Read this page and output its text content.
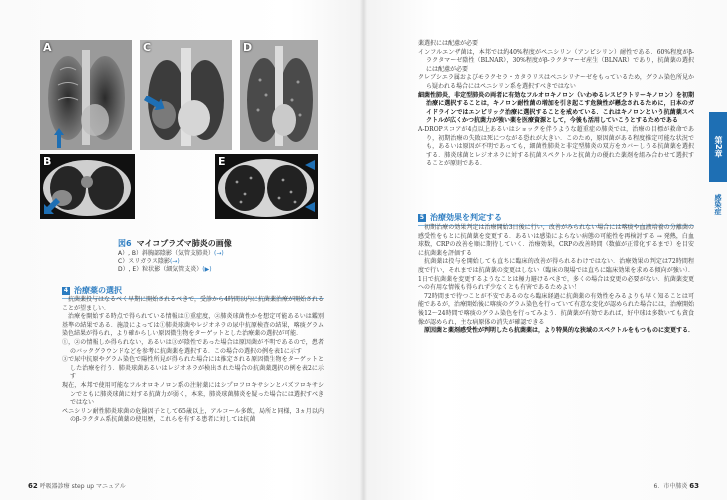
A	C	D
B	E
図6 マイコプラズマ肺炎の画像
A）, B）斜胸部陰影（気管支肺炎）(→)
C）スリガラス陰影(→)
D）, E）粒状影（細気管支炎）(▶)
4 治療薬の選択

抗菌薬投与はなるべく早期に開始されるべきで，受診から4時間以内に抗菌薬治療が開始されることが望ましい．

治療を開始する時点で得られている情報は①重症度，②肺炎球菌性かを想定可能あるいは鑑別基準の結果である．施設によっては①肺炎球菌やレジオネラの尿中抗原検査の結果，喀痰グラム染色結果が得られ，より確からしい原因微生物をターゲットとした治療薬の選択が可能．

①，②の情報しか得られない，あるいは③が陰性であった場合は原因菌が不明であるので，患者のバックグラウンドなどを参考に抗菌薬を選択する．この場合の選択の例を表1に示す

③で尿中抗原やグラム染色で陽性所見が得られた場合には推定される原因微生物をターゲットとした治療を行う．肺炎球菌あるいはレジオネラが検出された場合の抗菌薬選択の例を表2に示す

現在，本邦で使用可能なフルオロキノロン系の注射薬にはシプロフロキサシンとパズフロキサシンでともに肺炎球菌に対する抗菌力が弱く，本来，肺炎球菌肺炎を疑った場合には選択すべきではない

ペニシリン耐性肺炎球菌の危険因子として65歳以上，アルコール多飲，局所と同様，3ヵ月以内のβ-ラクタム系抗菌薬の使用歴，これらを有する患者に対しては抗菌

62 呼吸器診療 step up マニュアル

薬選択には配慮が必要

インフルエンザ菌は，本邦では約40%程度がペニシリン（アンピシリン）耐性である．60%程度がβ-ラクタマーゼ陰性（BLNAR），30%程度がβ-ラクタマーゼ産生（BLNAR）であり，抗菌薬の選択には配慮が必要

クレブシエラ属およびモラクセラ・カタラリスはペニシリナーゼをもっているため，グラム染色所見から疑われる場合にはペニシリン系を選択すべきではない

細菌性肺炎，非定型肺炎の両者に有効なフルオロキノロン（いわゆるレスピラトリーキノロン）を初期治療に選択することは，キノロン耐性菌の増加を引き起こす危険性が懸念されるために，日本のガイドラインではエンピリック治療に選択することを戒めている．これはキノロンという抗菌薬スペクトルが広くかつ抗菌力が強い薬を医療資源として，今後も活用していこうとするためである

A-DROPスコアが4点以上あるいはショックを伴うような超重症の肺炎では，治療の目標が救命であり，初期治療の失敗は死につながる恐れが大きい．このため，原因菌がある程度推定可能な状況でも，あるいは原因が不明であっても，細菌性肺炎と非定型肺炎の双方をカバーしうる抗菌薬を選択する．肺炎球菌とレジオネラに対する抗菌スペクトルと抗菌力の優れた薬剤を組み合わせて選択することが原則である．

5 治療効果を判定する

初期治療の効果判定は治療開始3日後に行い，改善がみられない場合には喀痰や血液培養の分離菌の感受性をもとに抗菌薬を変更する．あるいは感染によらない病態の可能性を再検討する → 発熱，白血球数，CRPの改善を順に期待していく．治療効果，CRPの改善時間（数値が正常化するまで）を目安に抗菌薬を評価する

抗菌薬は投与を開始しても直ちに臨床的改善が得られるわけではない．治療効果の判定は72時間程度で行い，それまでは抗菌薬の変更はしない（臨床の現場では直ちに臨床効果を求める傾向が強い）．1日で抗菌薬を変更するようなことは極力避けるべきで，多くの場合は変更の必要がない．抗菌薬変更への有用な情報も得られず少なくとも有害であるためよい！

72時間まで待つことが不安であるのなら臨床経過に抗菌薬の有効性をみるよりも早く知ることは可能であるが，治療開始後に喀痰のグラム染色を行っていて有意な変化が認められた場合には，治療開始後12〜24時間で喀痰のグラム染色を行ってみよう．抗菌薬が有効であれば，好中球は多数いても貪食像が認められ，主な病原体の消失が確認できる

原因菌と薬剤感受性が判明したら抗菌薬は，より特異的な狭域のスペクトルをもつものに変更する．

第2章
感染症
6．市中肺炎 63
